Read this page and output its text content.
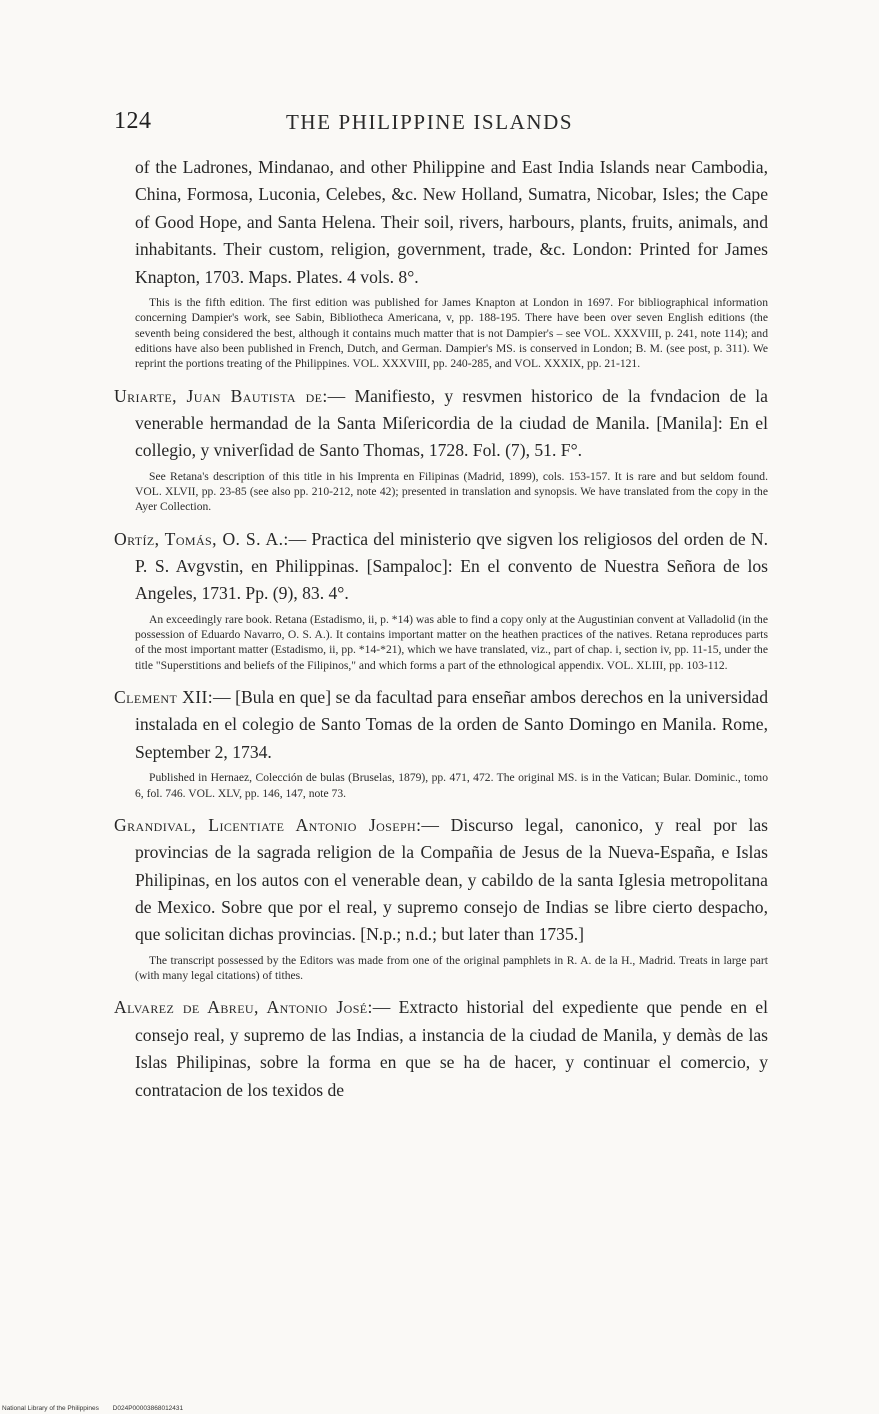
124	THE PHILIPPINE ISLANDS

of the Ladrones, Mindanao, and other Philippine and East India Islands near Cambodia, China, Formosa, Luconia, Celebes, &c. New Holland, Sumatra, Nicobar, Isles; the Cape of Good Hope, and Santa Helena. Their soil, rivers, harbours, plants, fruits, animals, and inhabitants. Their custom, religion, government, trade, &c. London: Printed for James Knapton, 1703. Maps. Plates. 4 vols. 8°.

This is the fifth edition. The first edition was published for James Knapton at London in 1697. For bibliographical information concerning Dampier's work, see Sabin, Bibliotheca Americana, v, pp. 188-195. There have been over seven English editions (the seventh being considered the best, although it contains much matter that is not Dampier's – see VOL. XXXVIII, p. 241, note 114); and editions have also been published in French, Dutch, and German. Dampier's MS. is conserved in London; B. M. (see post, p. 311). We reprint the portions treating of the Philippines. VOL. XXXVIII, pp. 240-285, and VOL. XXXIX, pp. 21-121.

Uriarte, Juan Bautista de:— Manifiesto, y resvmen historico de la fvndacion de la venerable hermandad de la Santa Miſericordia de la ciudad de Manila. [Manila]: En el collegio, y vniverſidad de Santo Thomas, 1728. Fol. (7), 51. F°.

See Retana's description of this title in his Imprenta en Filipinas (Madrid, 1899), cols. 153-157. It is rare and but seldom found. VOL. XLVII, pp. 23-85 (see also pp. 210-212, note 42); presented in translation and synopsis. We have translated from the copy in the Ayer Collection.

Ortíz, Tomás, O. S. A.:— Practica del ministerio qve sigven los religiosos del orden de N. P. S. Avgvstin, en Philippinas. [Sampaloc]: En el convento de Nuestra Señora de los Angeles, 1731. Pp. (9), 83. 4°.

An exceedingly rare book. Retana (Estadismo, ii, p. *14) was able to find a copy only at the Augustinian convent at Valladolid (in the possession of Eduardo Navarro, O. S. A.). It contains important matter on the heathen practices of the natives. Retana reproduces parts of the most important matter (Estadismo, ii, pp. *14-*21), which we have translated, viz., part of chap. i, section iv, pp. 11-15, under the title "Superstitions and beliefs of the Filipinos," and which forms a part of the ethnological appendix. VOL. XLIII, pp. 103-112.

Clement XII:— [Bula en que] se da facultad para enseñar ambos derechos en la universidad instalada en el colegio de Santo Tomas de la orden de Santo Domingo en Manila. Rome, September 2, 1734.

Published in Hernaez, Colección de bulas (Bruselas, 1879), pp. 471, 472. The original MS. is in the Vatican; Bular. Dominic., tomo 6, fol. 746. VOL. XLV, pp. 146, 147, note 73.

Grandival, Licentiate Antonio Joseph:— Discurso legal, canonico, y real por las provincias de la sagrada religion de la Compañia de Jesus de la Nueva-España, e Islas Philipinas, en los autos con el venerable dean, y cabildo de la santa Iglesia metropolitana de Mexico. Sobre que por el real, y supremo consejo de Indias se libre cierto despacho, que solicitan dichas provincias. [N.p.; n.d.; but later than 1735.]

The transcript possessed by the Editors was made from one of the original pamphlets in R. A. de la H., Madrid. Treats in large part (with many legal citations) of tithes.

Alvarez de Abreu, Antonio José:— Extracto historial del expediente que pende en el consejo real, y supremo de las Indias, a instancia de la ciudad de Manila, y demàs de las Islas Philipinas, sobre la forma en que se ha de hacer, y continuar el comercio, y contratacion de los texidos de

National Library of the Philippines D024P00003868012431
